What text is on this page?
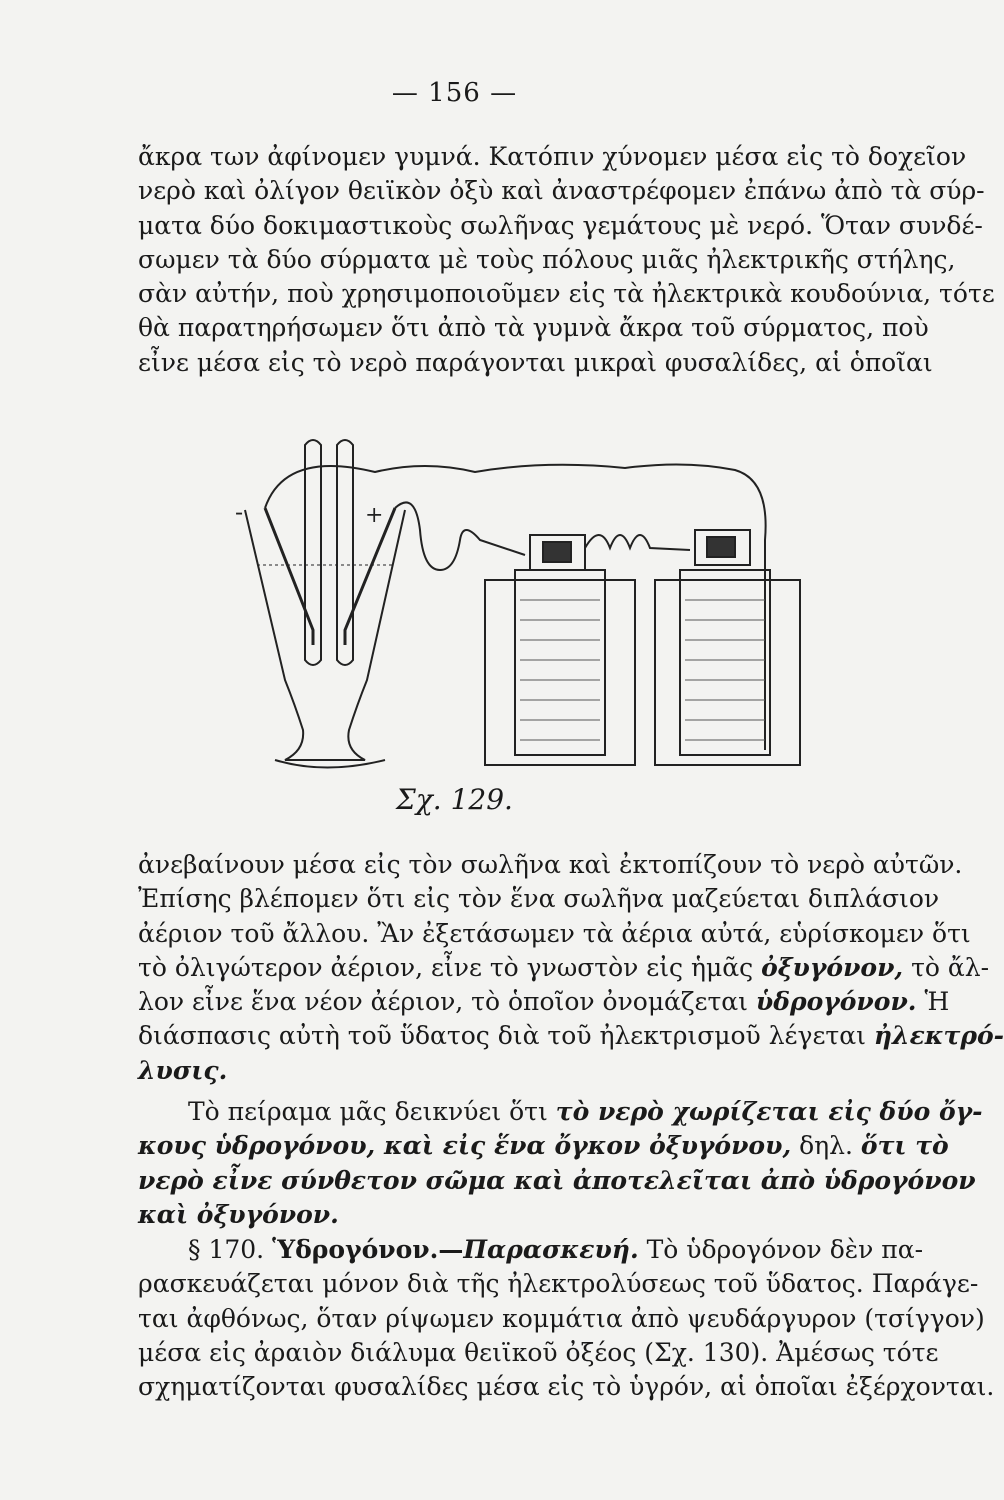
— 156 —
ἄκρα των ἀφίνομεν γυμνά. Κατόπιν χύνομεν μέσα εἰς τὸ δοχεῖον
νερὸ καὶ ὀλίγον θειϊκὸν ὀξὺ καὶ ἀναστρέφομεν ἐπάνω ἀπὸ τὰ σύρ-
ματα δύο δοκιμαστικοὺς σωλῆνας γεμάτους μὲ νερό. Ὅταν συνδέ-
σωμεν τὰ δύο σύρματα μὲ τοὺς πόλους μιᾶς ἠλεκτρικῆς στήλης,
σὰν αὐτήν, ποὺ χρησιμοποιοῦμεν εἰς τὰ ἠλεκτρικὰ κουδούνια, τότε
θὰ παρατηρήσωμεν ὅτι ἀπὸ τὰ γυμνὰ ἄκρα τοῦ σύρματος, ποὺ
εἶνε μέσα εἰς τὸ νερὸ παράγονται μικραὶ φυσαλίδες, αἱ ὁποῖαι
-	+
Σχ. 129.
ἀνεβαίνουν μέσα εἰς τὸν σωλῆνα καὶ ἐκτοπίζουν τὸ νερὸ αὐτῶν.
Ἐπίσης βλέπομεν ὅτι εἰς τὸν ἕνα σωλῆνα μαζεύεται διπλάσιον
ἀέριον τοῦ ἄλλου. Ἂν ἐξετάσωμεν τὰ ἀέρια αὐτά, εὑρίσκομεν ὅτι
τὸ ὀλιγώτερον ἀέριον, εἶνε τὸ γνωστὸν εἰς ἡμᾶς ὀξυγόνον, τὸ ἄλ-
λον εἶνε ἕνα νέον ἀέριον, τὸ ὁποῖον ὀνομάζεται ὑδρογόνον. Ἡ
διάσπασις αὐτὴ τοῦ ὕδατος διὰ τοῦ ἠλεκτρισμοῦ λέγεται ἠλεκτρό-
λυσις.
Τὸ πείραμα μᾶς δεικνύει ὅτι τὸ νερὸ χωρίζεται εἰς δύο ὄγ-
κους ὑδρογόνου, καὶ εἰς ἕνα ὄγκον ὀξυγόνου, δηλ. ὅτι τὸ
νερὸ εἶνε σύνθετον σῶμα καὶ ἀποτελεῖται ἀπὸ ὑδρογόνον
καὶ ὀξυγόνον.
§ 170. Ὑδρογόνον.—Παρασκευή. Τὸ ὑδρογόνον δὲν πα-
ρασκευάζεται μόνον διὰ τῆς ἠλεκτρολύσεως τοῦ ὕδατος. Παράγε-
ται ἀφθόνως, ὅταν ρίψωμεν κομμάτια ἀπὸ ψευδάργυρον (τσίγγον)
μέσα εἰς ἀραιὸν διάλυμα θειϊκοῦ ὀξέος (Σχ. 130). Ἀμέσως τότε
σχηματίζονται φυσαλίδες μέσα εἰς τὸ ὑγρόν, αἱ ὁποῖαι ἐξέρχονται.
